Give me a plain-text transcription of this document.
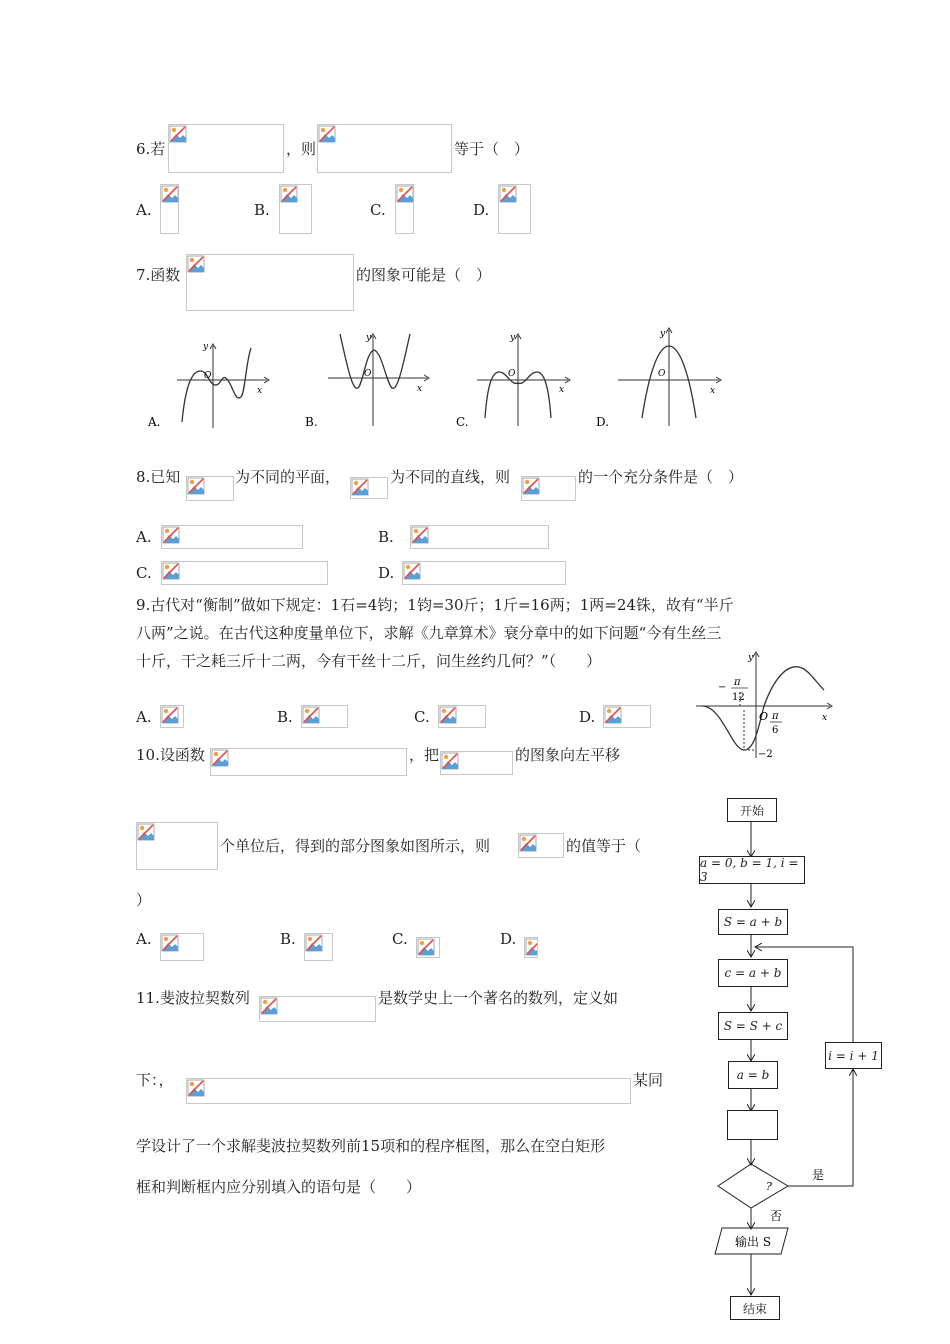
6.若	，则	等于（　）
A.	B.	C.	D.
7.函数	的图象可能是（　）
y
O
x
A.
y
O
x
B.
y
O
x
C.
y
O
x
D.
8.已知	为不同的平面，	为不同的直线，则	的一个充分条件是（　）
A.	B.
C.	D.
9.古代对“衡制”做如下规定：1石=4钧；1钧=30斤；1斤=16两；1两=24铢，故有“半斤
八两”之说。在古代这种度量单位下，求解《九章算术》衰分章中的如下问题“今有生丝三
十斤，干之耗三斤十二两，今有干丝十二斤，问生丝约几何？”（　　）
A.	B.	C.	D.
y
x
O
− π
12
π
6
−2
10.设函数	，把	的图象向左平移
个单位后，得到的部分图象如图所示，则	的值等于（
）
A.	B.	C.	D.
11.斐波拉契数列	是数学史上一个著名的数列，定义如
下：，	某同
学设计了一个求解斐波拉契数列前15项和的程序框图，那么在空白矩形
框和判断框内应分别填入的语句是（　　）	?
是
否
输出 S
开始
a = 0, b = 1, i = 3
S = a + b
c = a + b
S = S + c
a = b
i = i + 1
结束
